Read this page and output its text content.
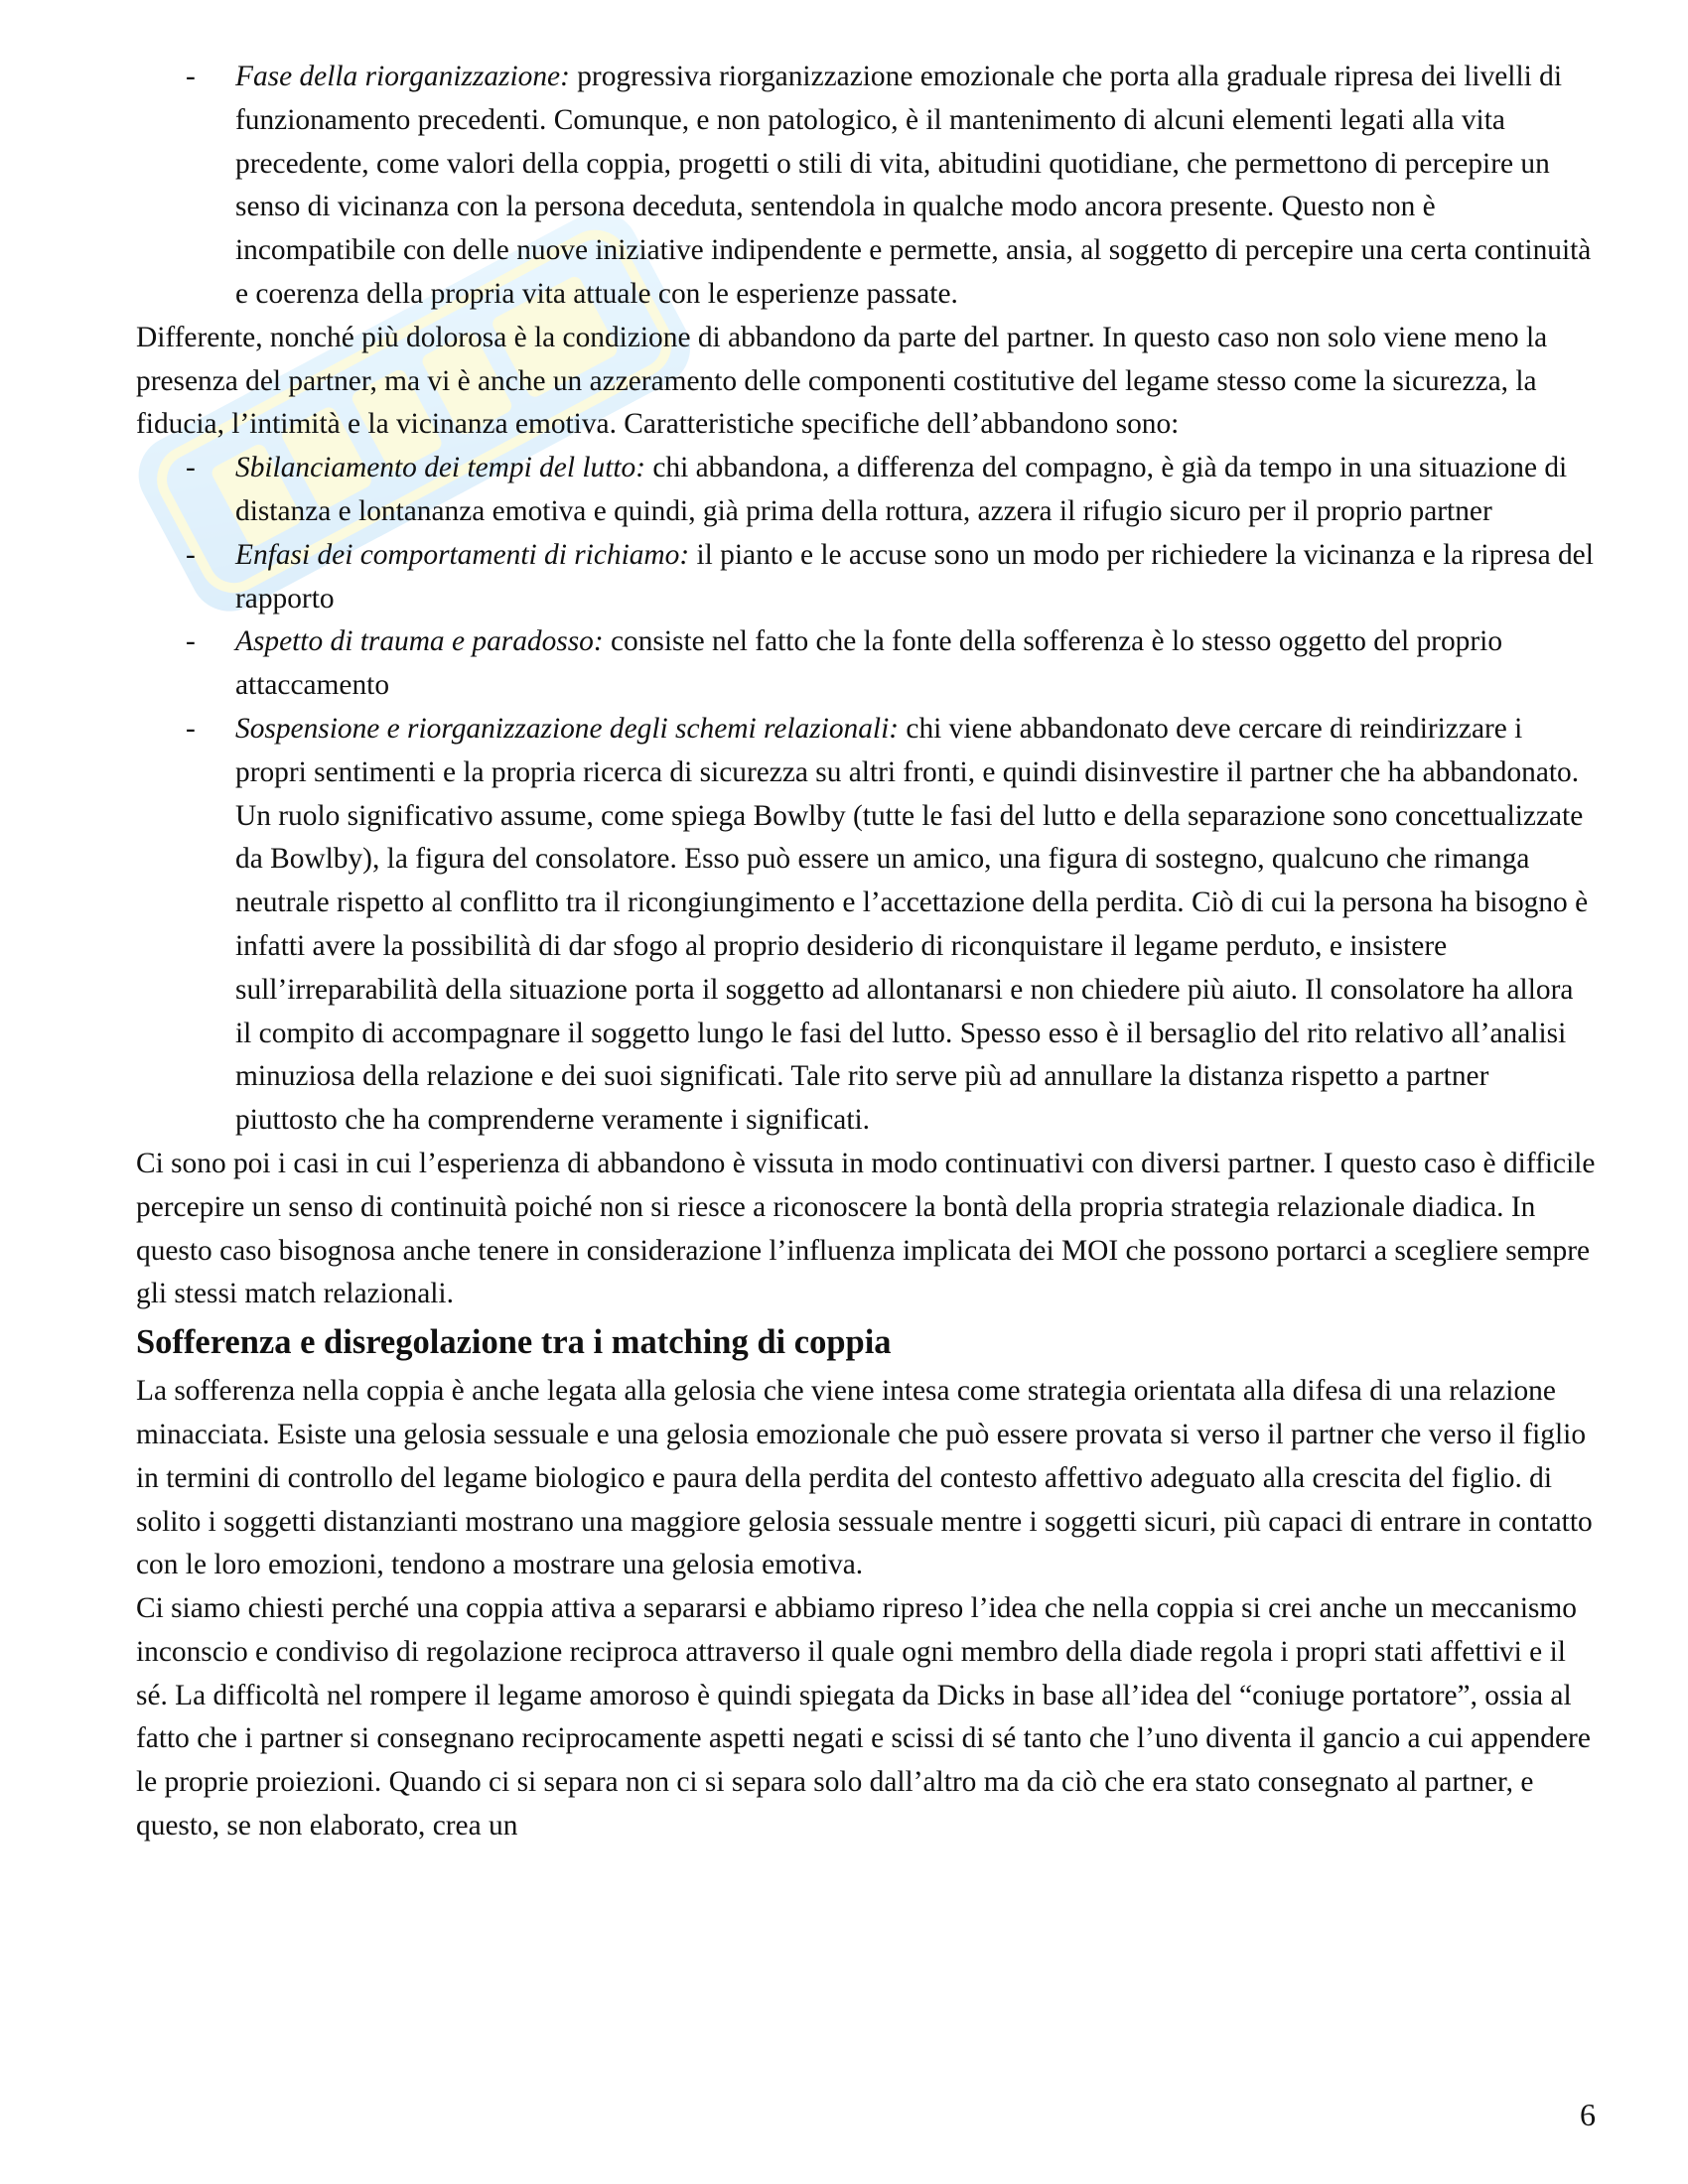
- Fase della riorganizzazione: progressiva riorganizzazione emozionale che porta alla graduale ripresa dei livelli di funzionamento precedenti. Comunque, e non patologico, è il mantenimento di alcuni elementi legati alla vita precedente, come valori della coppia, progetti o stili di vita, abitudini quotidiane, che permettono di percepire un senso di vicinanza con la persona deceduta, sentendola in qualche modo ancora presente. Questo non è incompatibile con delle nuove iniziative indipendente e permette, ansia, al soggetto di percepire una certa continuità e coerenza della propria vita attuale con le esperienze passate.

Differente, nonché più dolorosa è la condizione di abbandono da parte del partner. In questo caso non solo viene meno la presenza del partner, ma vi è anche un azzeramento delle componenti costitutive del legame stesso come la sicurezza, la fiducia, l’intimità e la vicinanza emotiva. Caratteristiche specifiche dell’abbandono sono:

- Sbilanciamento dei tempi del lutto: chi abbandona, a differenza del compagno, è già da tempo in una situazione di distanza e lontananza emotiva e quindi, già prima della rottura, azzera il rifugio sicuro per il proprio partner
- Enfasi dei comportamenti di richiamo: il pianto e le accuse sono un modo per richiedere la vicinanza e la ripresa del rapporto
- Aspetto di trauma e paradosso: consiste nel fatto che la fonte della sofferenza è lo stesso oggetto del proprio attaccamento
- Sospensione e riorganizzazione degli schemi relazionali: chi viene abbandonato deve cercare di reindirizzare i propri sentimenti e la propria ricerca di sicurezza su altri fronti, e quindi disinvestire il partner che ha abbandonato. Un ruolo significativo assume, come spiega Bowlby (tutte le fasi del lutto e della separazione sono concettualizzate da Bowlby), la figura del consolatore. Esso può essere un amico, una figura di sostegno, qualcuno che rimanga neutrale rispetto al conflitto tra il ricongiungimento e l’accettazione della perdita. Ciò di cui la persona ha bisogno è infatti avere la possibilità di dar sfogo al proprio desiderio di riconquistare il legame perduto, e insistere sull’irreparabilità della situazione porta il soggetto ad allontanarsi e non chiedere più aiuto. Il consolatore ha allora il compito di accompagnare il soggetto lungo le fasi del lutto. Spesso esso è il bersaglio del rito relativo all’analisi minuziosa della relazione e dei suoi significati. Tale rito serve più ad annullare la distanza rispetto a partner piuttosto che ha comprenderne veramente i significati.

Ci sono poi i casi in cui l’esperienza di abbandono è vissuta in modo continuativi con diversi partner. I questo caso è difficile percepire un senso di continuità poiché non si riesce a riconoscere la bontà della propria strategia relazionale diadica. In questo caso bisognosa anche tenere in considerazione l’influenza implicata dei MOI che possono portarci a scegliere sempre gli stessi match relazionali.

Sofferenza e disregolazione tra i matching di coppia

La sofferenza nella coppia è anche legata alla gelosia che viene intesa come strategia orientata alla difesa di una relazione minacciata. Esiste una gelosia sessuale e una gelosia emozionale che può essere provata si verso il partner che verso il figlio in termini di controllo del legame biologico e paura della perdita del contesto affettivo adeguato alla crescita del figlio. di solito i soggetti distanzianti mostrano una maggiore gelosia sessuale mentre i soggetti sicuri, più capaci di entrare in contatto con le loro emozioni, tendono a mostrare una gelosia emotiva.

Ci siamo chiesti perché una coppia attiva a separarsi e abbiamo ripreso l’idea che nella coppia si crei anche un meccanismo inconscio e condiviso di regolazione reciproca attraverso il quale ogni membro della diade regola i propri stati affettivi e il sé. La difficoltà nel rompere il legame amoroso è quindi spiegata da Dicks in base all’idea del “coniuge portatore”, ossia al fatto che i partner si consegnano reciprocamente aspetti negati e scissi di sé tanto che l’uno diventa il gancio a cui appendere le proprie proiezioni. Quando ci si separa non ci si separa solo dall’altro ma da ciò che era stato consegnato al partner, e questo, se non elaborato, crea un

6
